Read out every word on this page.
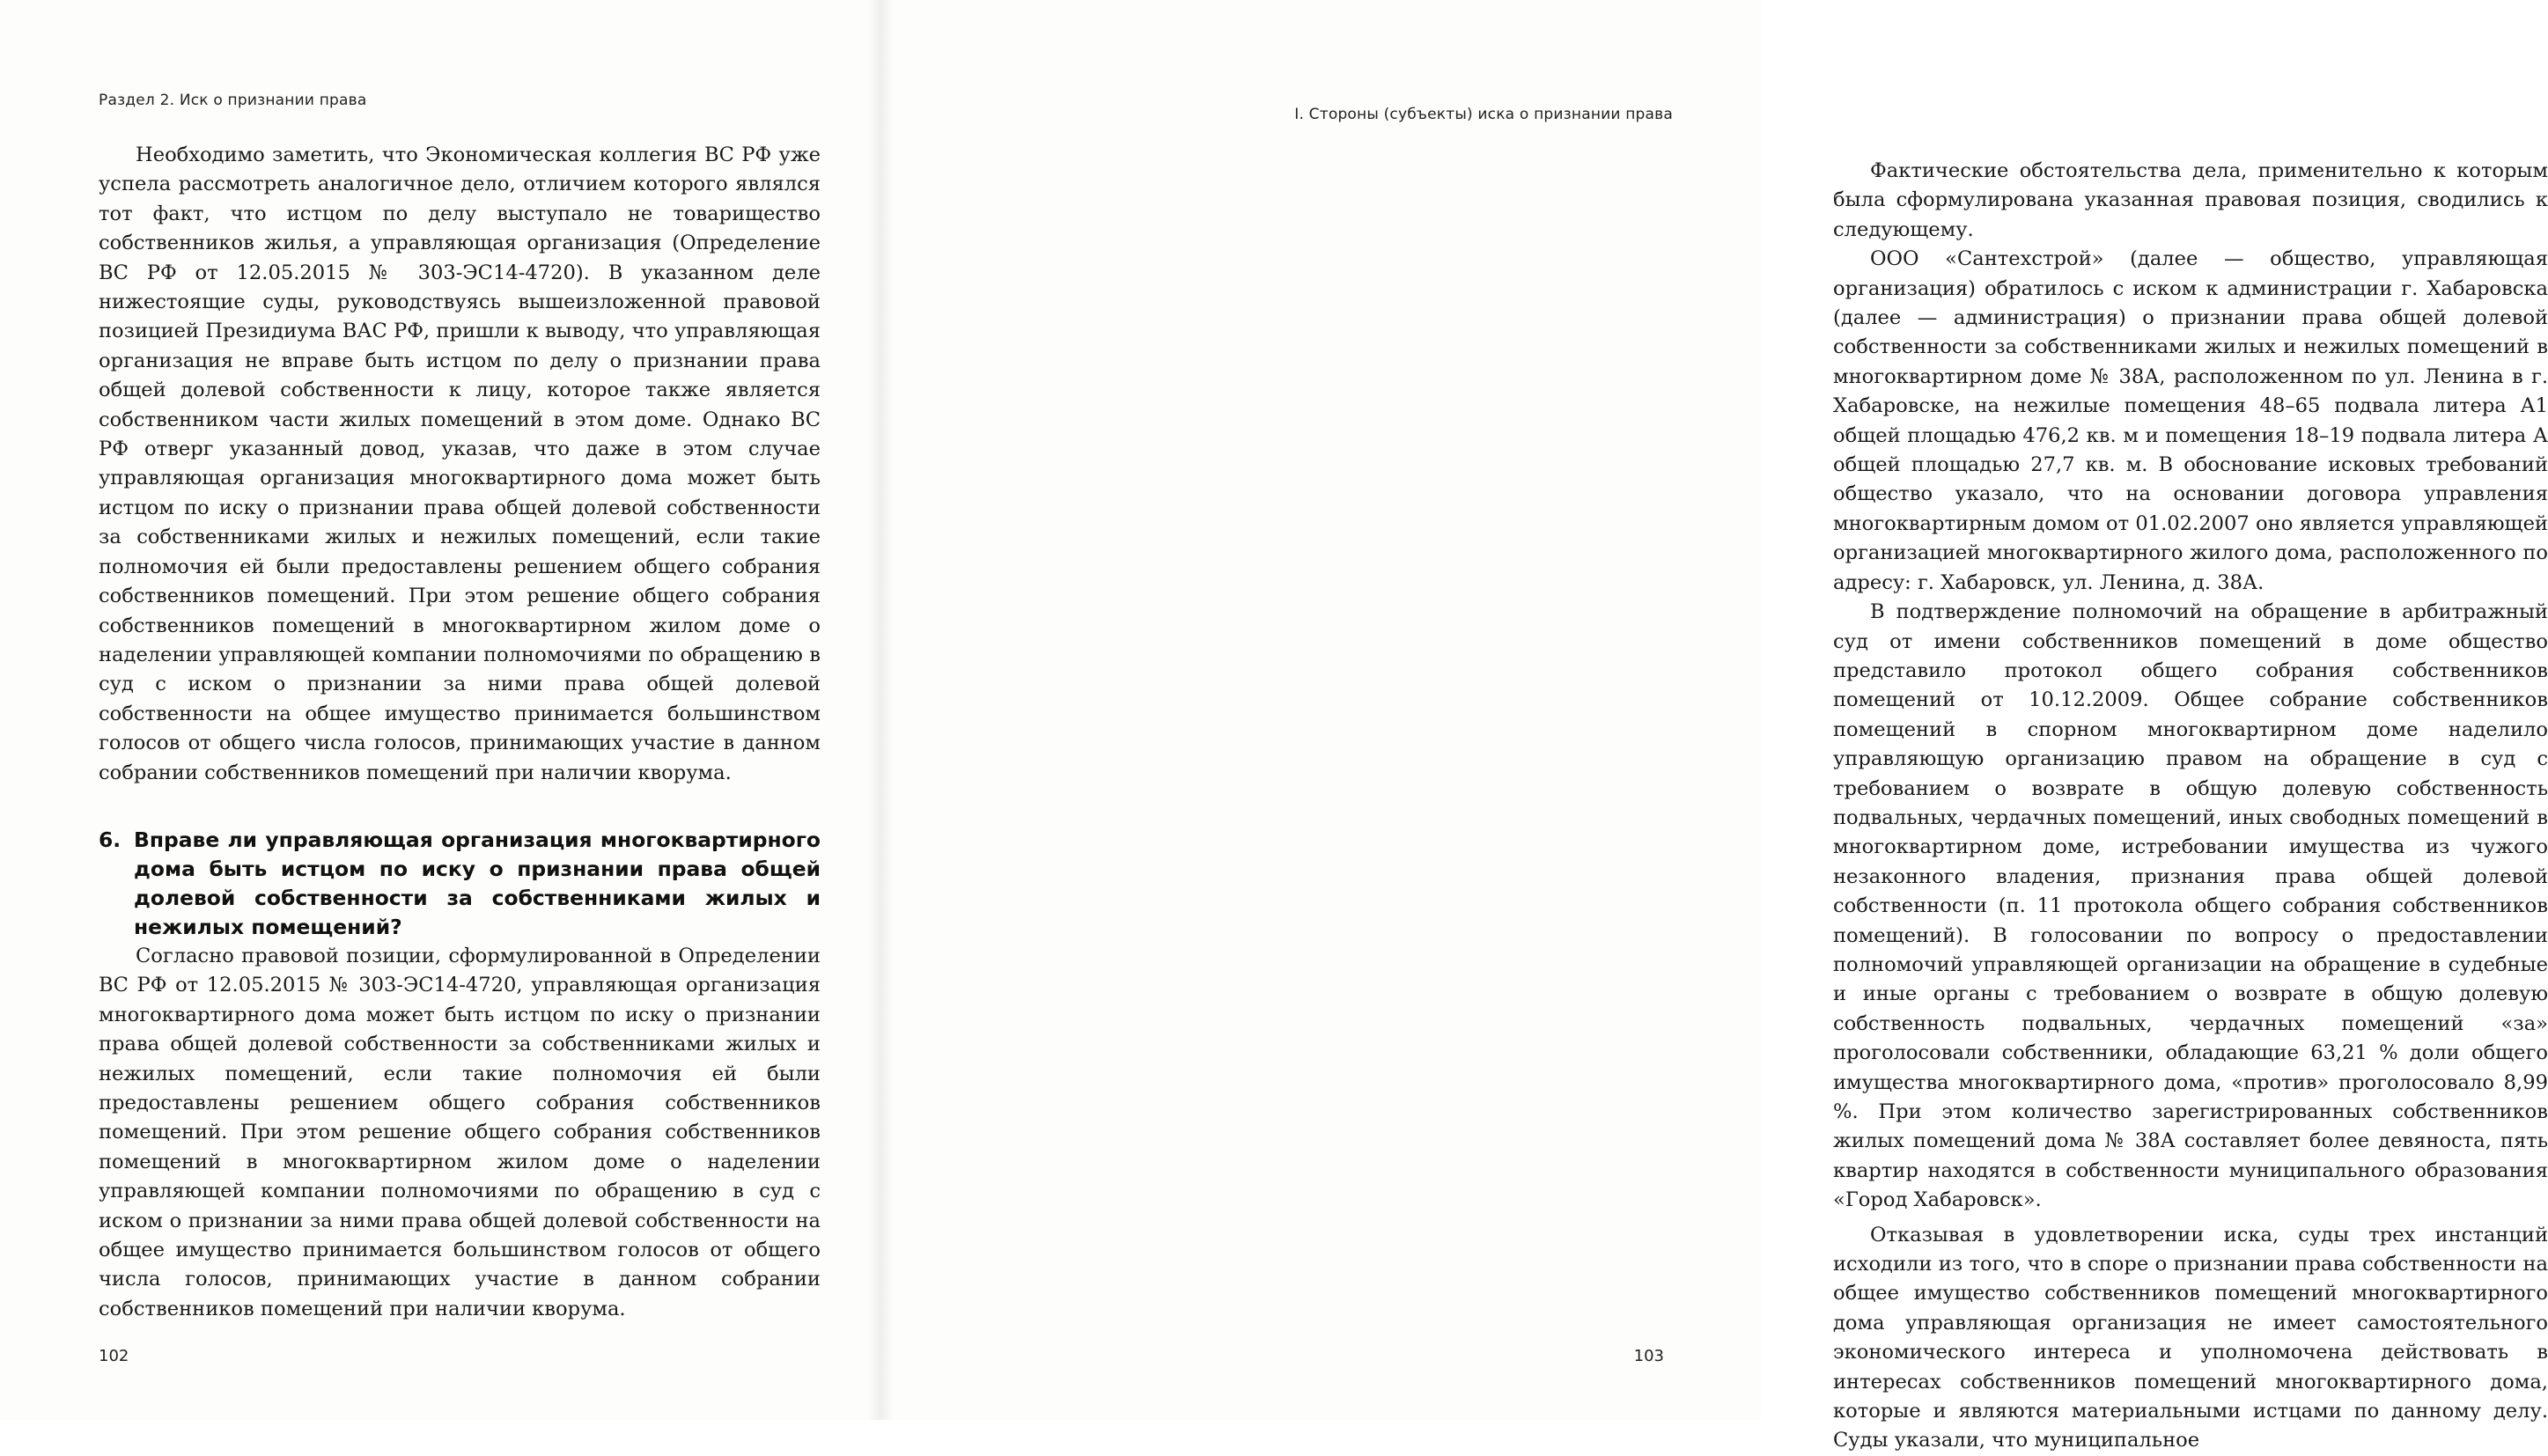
Раздел 2. Иск о признании права

Необходимо заметить, что Экономическая коллегия ВС РФ уже успела рассмотреть аналогичное дело, отличием которого являлся тот факт, что истцом по делу выступало не товарищество собственников жилья, а управляющая организация (Определение ВС РФ от 12.05.2015 № 303-ЭС14-4720). В указанном деле нижестоящие суды, руководствуясь вышеизложенной правовой позицией Президиума ВАС РФ, пришли к выводу, что управляющая организация не вправе быть истцом по делу о признании права общей долевой собственности к лицу, которое также является собственником части жилых помещений в этом доме. Однако ВС РФ отверг указанный довод, указав, что даже в этом случае управляющая организация многоквартирного дома может быть истцом по иску о признании права общей долевой собственности за собственниками жилых и нежилых помещений, если такие полномочия ей были предоставлены решением общего собрания собственников помещений. При этом решение общего собрания собственников помещений в многоквартирном жилом доме о наделении управляющей компании полномочиями по обращению в суд с иском о признании за ними права общей долевой собственности на общее имущество принимается большинством голосов от общего числа голосов, принимающих участие в данном собрании собственников помещений при наличии кворума.

6. Вправе ли управляющая организация многоквартирного дома быть истцом по иску о признании права общей долевой собственности за собственниками жилых и нежилых помещений?

Согласно правовой позиции, сформулированной в Определении ВС РФ от 12.05.2015 № 303-ЭС14-4720, управляющая организация многоквартирного дома может быть истцом по иску о признании права общей долевой собственности за собственниками жилых и нежилых помещений, если такие полномочия ей были предоставлены решением общего собрания собственников помещений. При этом решение общего собрания собственников помещений в многоквартирном жилом доме о наделении управляющей компании полномочиями по обращению в суд с иском о признании за ними права общей долевой собственности на общее имущество принимается большинством голосов от общего числа голосов, принимающих участие в данном собрании собственников помещений при наличии кворума.

102
I. Стороны (субъекты) иска о признании права

Фактические обстоятельства дела, применительно к которым была сформулирована указанная правовая позиция, сводились к следующему.

ООО «Сантехстрой» (далее — общество, управляющая организация) обратилось с иском к администрации г. Хабаровска (далее — администрация) о признании права общей долевой собственности за собственниками жилых и нежилых помещений в многоквартирном доме № 38А, расположенном по ул. Ленина в г. Хабаровске, на нежилые помещения 48–65 подвала литера А1 общей площадью 476,2 кв. м и помещения 18–19 подвала литера А общей площадью 27,7 кв. м. В обоснование исковых требований общество указало, что на основании договора управления многоквартирным домом от 01.02.2007 оно является управляющей организацией многоквартирного жилого дома, расположенного по адресу: г. Хабаровск, ул. Ленина, д. 38А.

В подтверждение полномочий на обращение в арбитражный суд от имени собственников помещений в доме общество представило протокол общего собрания собственников помещений от 10.12.2009. Общее собрание собственников помещений в спорном многоквартирном доме наделило управляющую организацию правом на обращение в суд с требованием о возврате в общую долевую собственность подвальных, чердачных помещений, иных свободных помещений в многоквартирном доме, истребовании имущества из чужого незаконного владения, признания права общей долевой собственности (п. 11 протокола общего собрания собственников помещений). В голосовании по вопросу о предоставлении полномочий управляющей организации на обращение в судебные и иные органы с требованием о возврате в общую долевую собственность подвальных, чердачных помещений «за» проголосовали собственники, обладающие 63,21 % доли общего имущества многоквартирного дома, «против» проголосовало 8,99 %. При этом количество зарегистрированных собственников жилых помещений дома № 38А составляет более девяноста, пять квартир находятся в собственности муниципального образования «Город Хабаровск».

Отказывая в удовлетворении иска, суды трех инстанций исходили из того, что в споре о признании права собственности на общее имущество собственников помещений многоквартирного дома управляющая организация не имеет самостоятельного экономического интереса и уполномочена действовать в интересах собственников помещений многоквартирного дома, которые и являются материальными истцами по данному делу. Суды указали, что муниципальное

103
